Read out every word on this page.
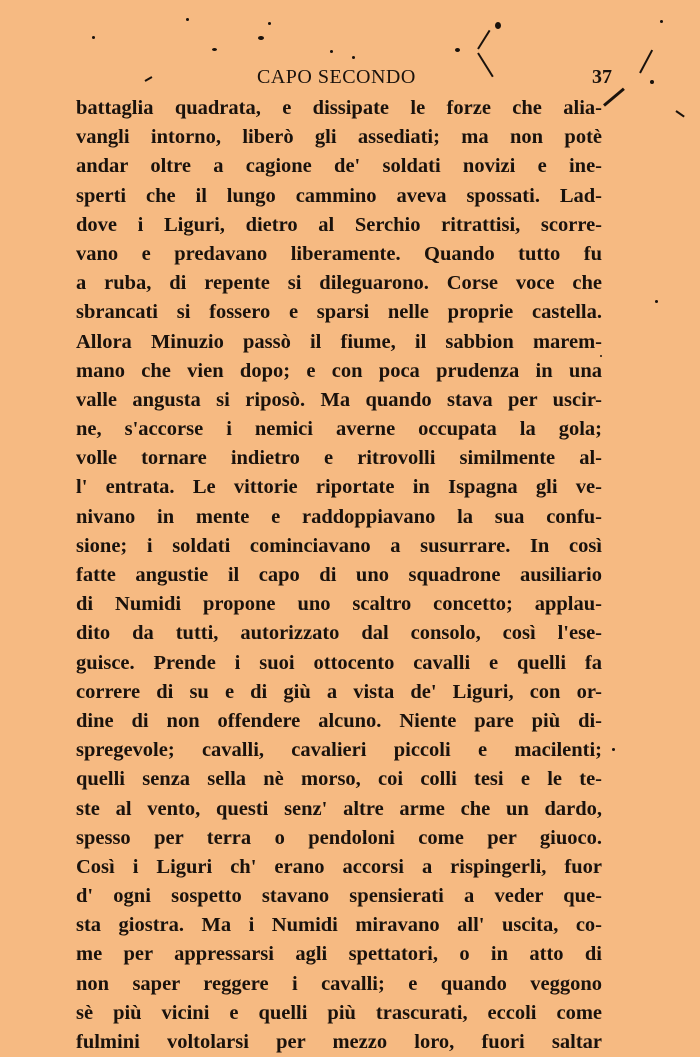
CAPO SECONDO	37
battaglia quadrata, e dissipate le forze che alia-
vangli intorno, liberò gli assediati; ma non potè
andar oltre a cagione de' soldati novizi e ine-
sperti che il lungo cammino aveva spossati. Lad-
dove i Liguri, dietro al Serchio ritrattisi, scorre-
vano e predavano liberamente. Quando tutto fu
a ruba, di repente si dileguarono. Corse voce che
sbrancati si fossero e sparsi nelle proprie castella.
Allora Minuzio passò il fiume, il sabbion marem-
mano che vien dopo; e con poca prudenza in una
valle angusta si riposò. Ma quando stava per uscir-
ne, s'accorse i nemici averne occupata la gola;
volle tornare indietro e ritrovolli similmente al-
l' entrata. Le vittorie riportate in Ispagna gli ve-
nivano in mente e raddoppiavano la sua confu-
sione; i soldati cominciavano a susurrare. In così
fatte angustie il capo di uno squadrone ausiliario
di Numidi propone uno scaltro concetto; applau-
dito da tutti, autorizzato dal consolo, così l'ese-
guisce. Prende i suoi ottocento cavalli e quelli fa
correre di su e di giù a vista de' Liguri, con or-
dine di non offendere alcuno. Niente pare più di-
spregevole; cavalli, cavalieri piccoli e macilenti;
quelli senza sella nè morso, coi colli tesi e le te-
ste al vento, questi senz' altre arme che un dardo,
spesso per terra o pendoloni come per giuoco.
Così i Liguri ch' erano accorsi a rispingerli, fuor
d' ogni sospetto stavano spensierati a veder que-
sta giostra. Ma i Numidi miravano all' uscita, co-
me per appressarsi agli spettatori, o in atto di
non saper reggere i cavalli; e quando veggono
sè più vicini e quelli più trascurati, eccoli come
fulmini voltolarsi per mezzo loro, fuori saltar
